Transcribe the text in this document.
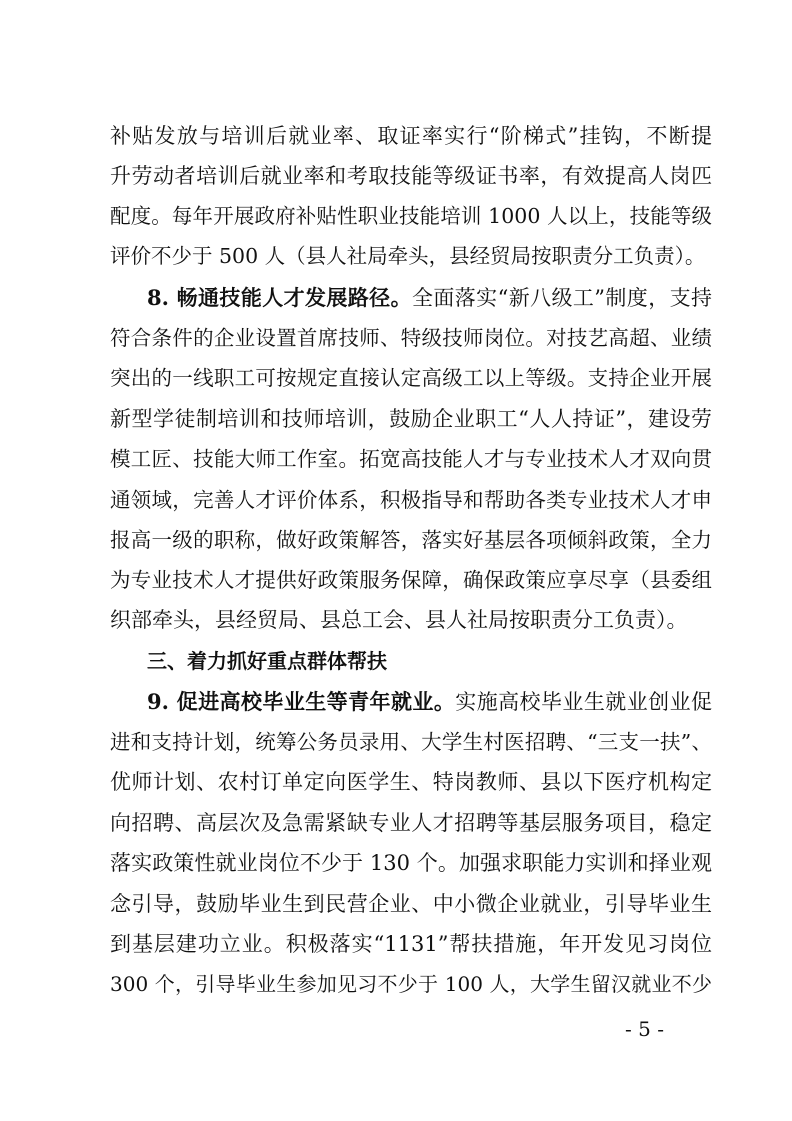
补贴发放与培训后就业率、取证率实行“阶梯式”挂钩，不断提
升劳动者培训后就业率和考取技能等级证书率，有效提高人岗匹
配度。每年开展政府补贴性职业技能培训 1000 人以上，技能等级
评价不少于 500 人（县人社局牵头，县经贸局按职责分工负责）。
8. 畅通技能人才发展路径。全面落实“新八级工”制度，支持
符合条件的企业设置首席技师、特级技师岗位。对技艺高超、业绩
突出的一线职工可按规定直接认定高级工以上等级。支持企业开展
新型学徒制培训和技师培训，鼓励企业职工“人人持证”，建设劳
模工匠、技能大师工作室。拓宽高技能人才与专业技术人才双向贯
通领域，完善人才评价体系，积极指导和帮助各类专业技术人才申
报高一级的职称，做好政策解答，落实好基层各项倾斜政策，全力
为专业技术人才提供好政策服务保障，确保政策应享尽享（县委组
织部牵头，县经贸局、县总工会、县人社局按职责分工负责）。
三、着力抓好重点群体帮扶
9. 促进高校毕业生等青年就业。实施高校毕业生就业创业促
进和支持计划，统筹公务员录用、大学生村医招聘、“三支一扶”、
优师计划、农村订单定向医学生、特岗教师、县以下医疗机构定
向招聘、高层次及急需紧缺专业人才招聘等基层服务项目，稳定
落实政策性就业岗位不少于 130 个。加强求职能力实训和择业观
念引导，鼓励毕业生到民营企业、中小微企业就业，引导毕业生
到基层建功立业。积极落实“1131”帮扶措施，年开发见习岗位
300 个，引导毕业生参加见习不少于 100 人，大学生留汉就业不少
- 5 -
